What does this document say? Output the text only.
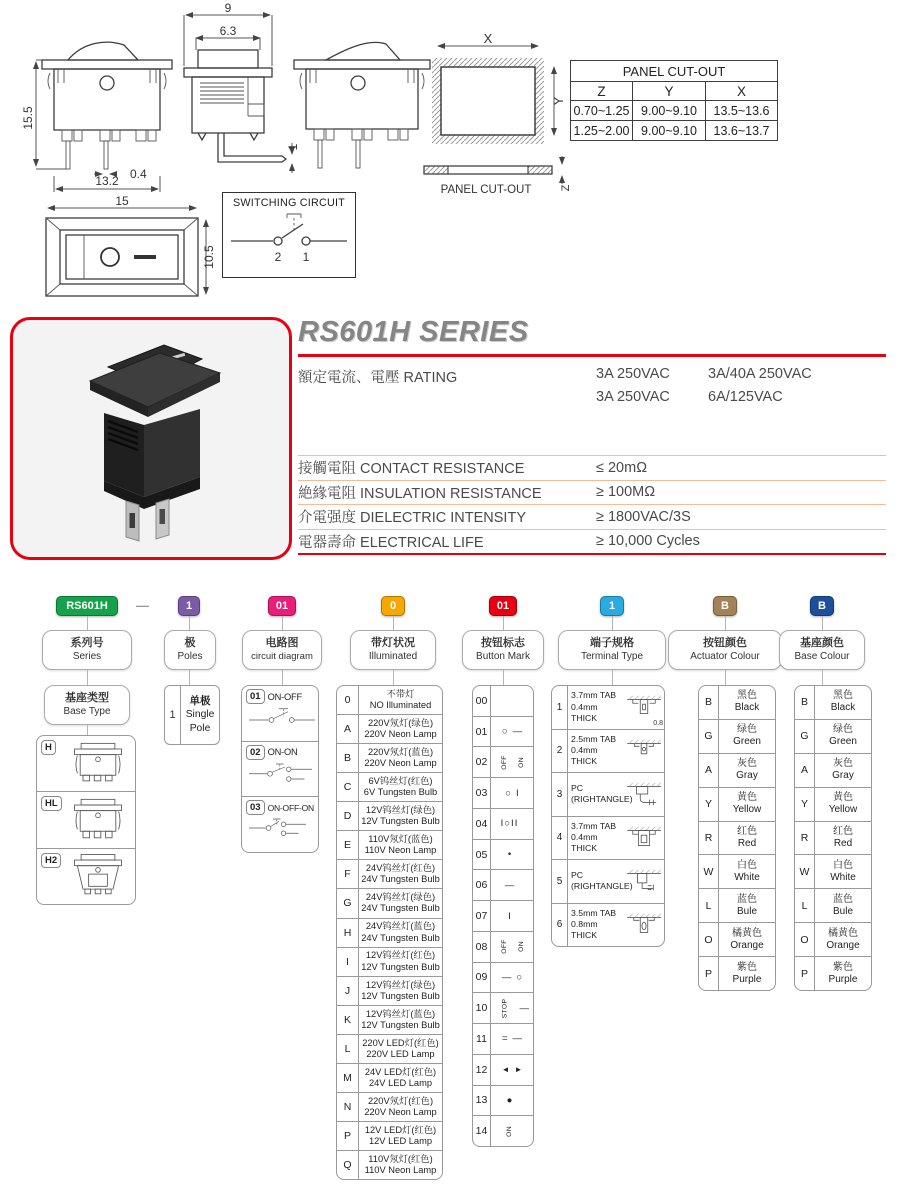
15.5
0.4
13.2
9
6.3
1
X
Y
PANEL CUT-OUT	Z
PANEL CUT-OUT		
Z	Y	X
0.70~1.25	9.00~9.10	13.5~13.6
1.25~2.00	9.00~9.10	13.6~13.7
15
10.5
SWITCHING CIRCUIT
2 1
RS601H SERIES
額定電流、電壓 RATING	3A 250VAC	3A/40A 250VAC
3A 250VAC	6A/125VAC
接觸電阻 CONTACT RESISTANCE	≤ 20mΩ
絶緣電阻 INSULATION RESISTANCE	≥ 100MΩ
介電强度 DIELECTRIC INTENSITY	≥ 1800VAC/3S
電器壽命 ELECTRICAL LIFE	≥ 10,000 Cycles
RS601H	—	1	01	0	01	1	B	B
系列号
Series
极
Poles
电路图
circuit diagram
带灯状况
Illuminated
按钮标志
Button Mark
端子规格
Terminal Type
按钮颜色
Actuator Colour
基座颜色
Base Colour
基座类型
Base Type
H
HL
H2
1
单极
Single
Pole
01 ON-OFF
02 ON-ON
03 ON-OFF-ON
0
不带灯
NO Illuminated
A
220V氖灯(绿色)
220V Neon Lamp
B
220V氖灯(蓝色)
220V Neon Lamp
C
6V钨丝灯(红色)
6V Tungsten Bulb
D
12V钨丝灯(绿色)
12V Tungsten Bulb
E
110V氖灯(蓝色)
110V Neon Lamp
F
24V钨丝灯(红色)
24V Tungsten Bulb
G
24V钨丝灯(绿色)
24V Tungsten Bulb
H
24V钨丝灯(蓝色)
24V Tungsten Bulb
I
12V钨丝灯(红色)
12V Tungsten Bulb
J
12V钨丝灯(绿色)
12V Tungsten Bulb
K
12V钨丝灯(蓝色)
12V Tungsten Bulb
L
220V LED灯(红色)
220V LED Lamp
M
24V LED灯(红色)
24V LED Lamp
N
220V氖灯(红色)
220V Neon Lamp
P
12V LED灯(红色)
12V LED Lamp
Q
110V氖灯(红色)
110V Neon Lamp
00
01	○ —
02	OFF ON
03	○ I
04	I○II
05	•
06	—
07	I
08	OFF ON
09	— ○
10	STOP —
11	= —
12	◄ ►
13	●
14	ON
1
3.7mm TAB
0.4mm THICK
0.8
2
2.5mm TAB
0.4mm THICK
3
PC
(RIGHTANGLE)
4
3.7mm TAB
0.4mm THICK
5
PC
(RIGHTANGLE)
6
3.5mm TAB
0.8mm THICK
B
黑色
Black
G
绿色
Green
A
灰色
Gray
Y
黄色
Yellow
R
红色
Red
W
白色
White
L
蓝色
Bule
O
橘黄色
Orange
P
紫色
Purple
B
黑色
Black
G
绿色
Green
A
灰色
Gray
Y
黄色
Yellow
R
红色
Red
W
白色
White
L
蓝色
Bule
O
橘黄色
Orange
P
紫色
Purple
